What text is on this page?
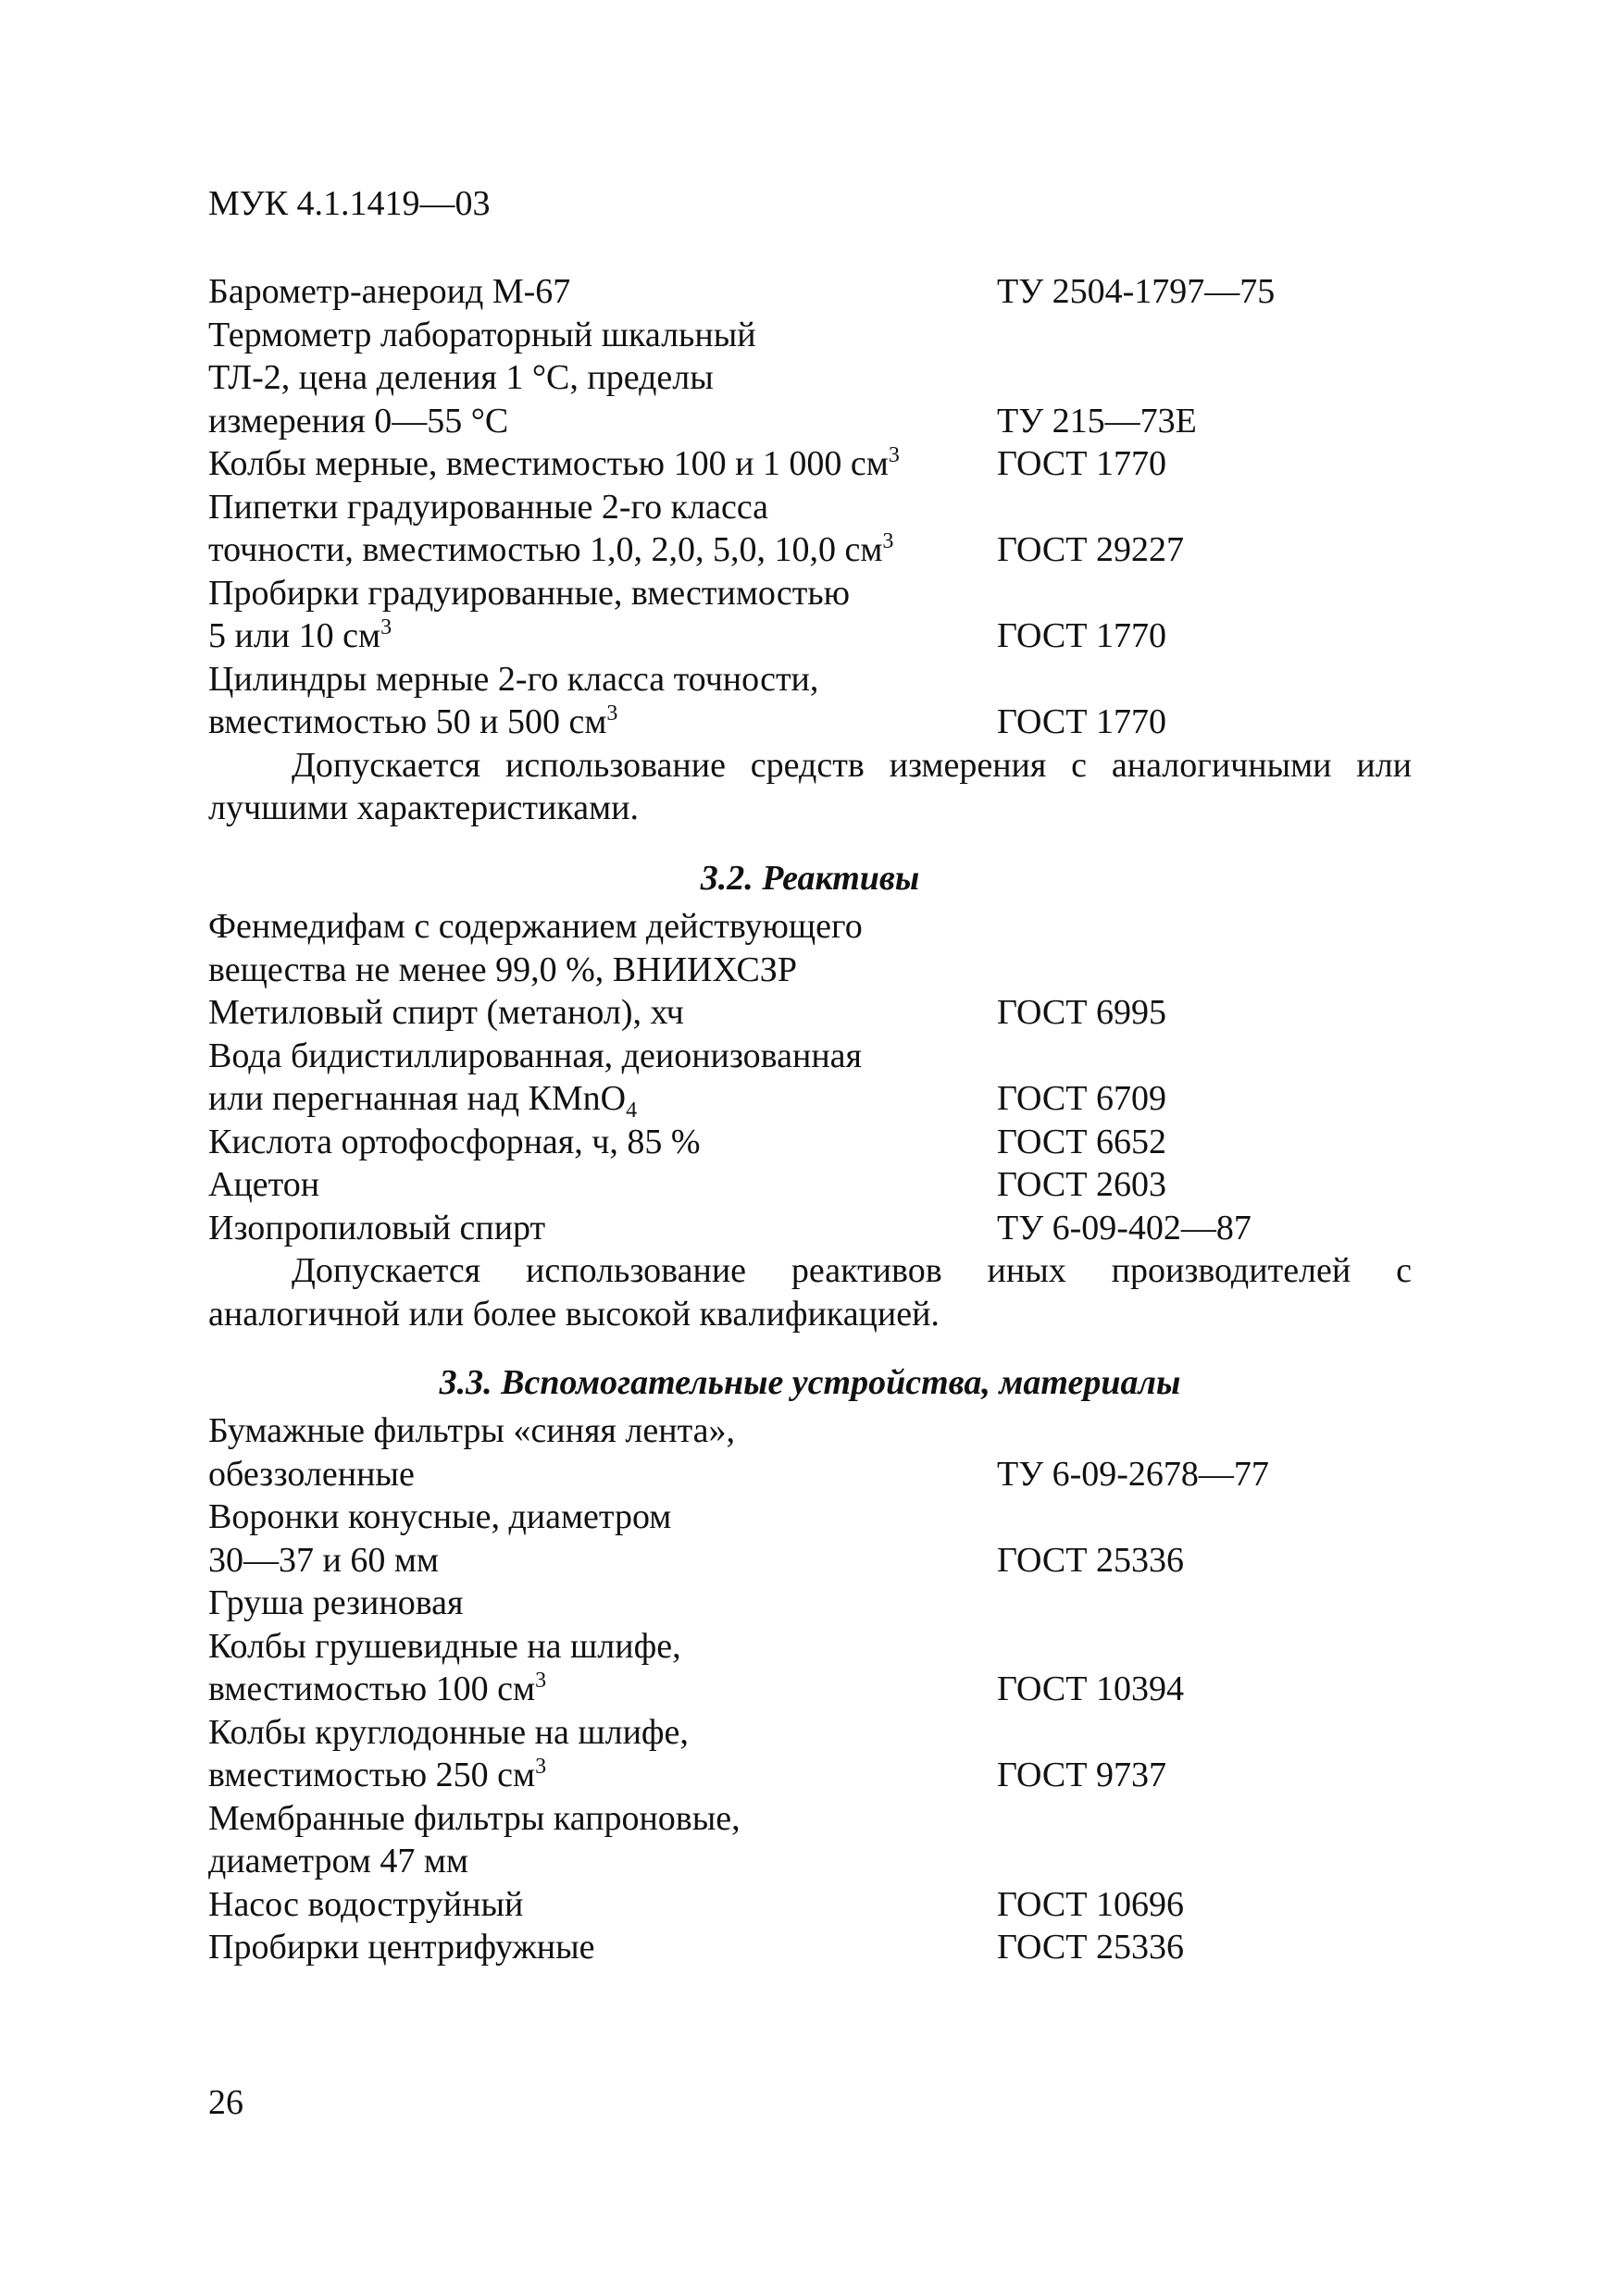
МУК 4.1.1419—03
Барометр-анероид М-67	ТУ 2504-1797—75
Термометр лабораторный шкальный
ТЛ-2, цена деления 1 °С, пределы
измерения 0—55 °С	ТУ 215—73Е
Колбы мерные, вместимостью 100 и 1 000 $см^3$	ГОСТ 1770
Пипетки градуированные 2-го класса
точности, вместимостью 1,0, 2,0, 5,0, 10,0 $см^3$	ГОСТ 29227
Пробирки градуированные, вместимостью
5 или 10 $см^3$	ГОСТ 1770
Цилиндры мерные 2-го класса точности,
вместимостью 50 и 500 $см^3$	ГОСТ 1770
Допускается использование средств измерения с аналогичными или лучшими характеристиками.
3.2. Реактивы
Фенмедифам с содержанием действующего
вещества не менее 99,0 %, ВНИИХСЗР
Метиловый спирт (метанол), хч	ГОСТ 6995
Вода бидистиллированная, деионизованная
или перегнанная над КМnО$_4$	ГОСТ 6709
Кислота ортофосфорная, ч, 85 %	ГОСТ 6652
Ацетон	ГОСТ 2603
Изопропиловый спирт	ТУ 6-09-402—87
Допускается использование реактивов иных производителей с аналогичной или более высокой квалификацией.
3.3. Вспомогательные устройства, материалы
Бумажные фильтры «синяя лента»,
обеззоленные	ТУ 6-09-2678—77
Воронки конусные, диаметром
30—37 и 60 мм	ГОСТ 25336
Груша резиновая
Колбы грушевидные на шлифе,
вместимостью 100 $см^3$	ГОСТ 10394
Колбы круглодонные на шлифе,
вместимостью 250 $см^3$	ГОСТ 9737
Мембранные фильтры капроновые,
диаметром 47 мм
Насос водоструйный	ГОСТ 10696
Пробирки центрифужные	ГОСТ 25336
26
